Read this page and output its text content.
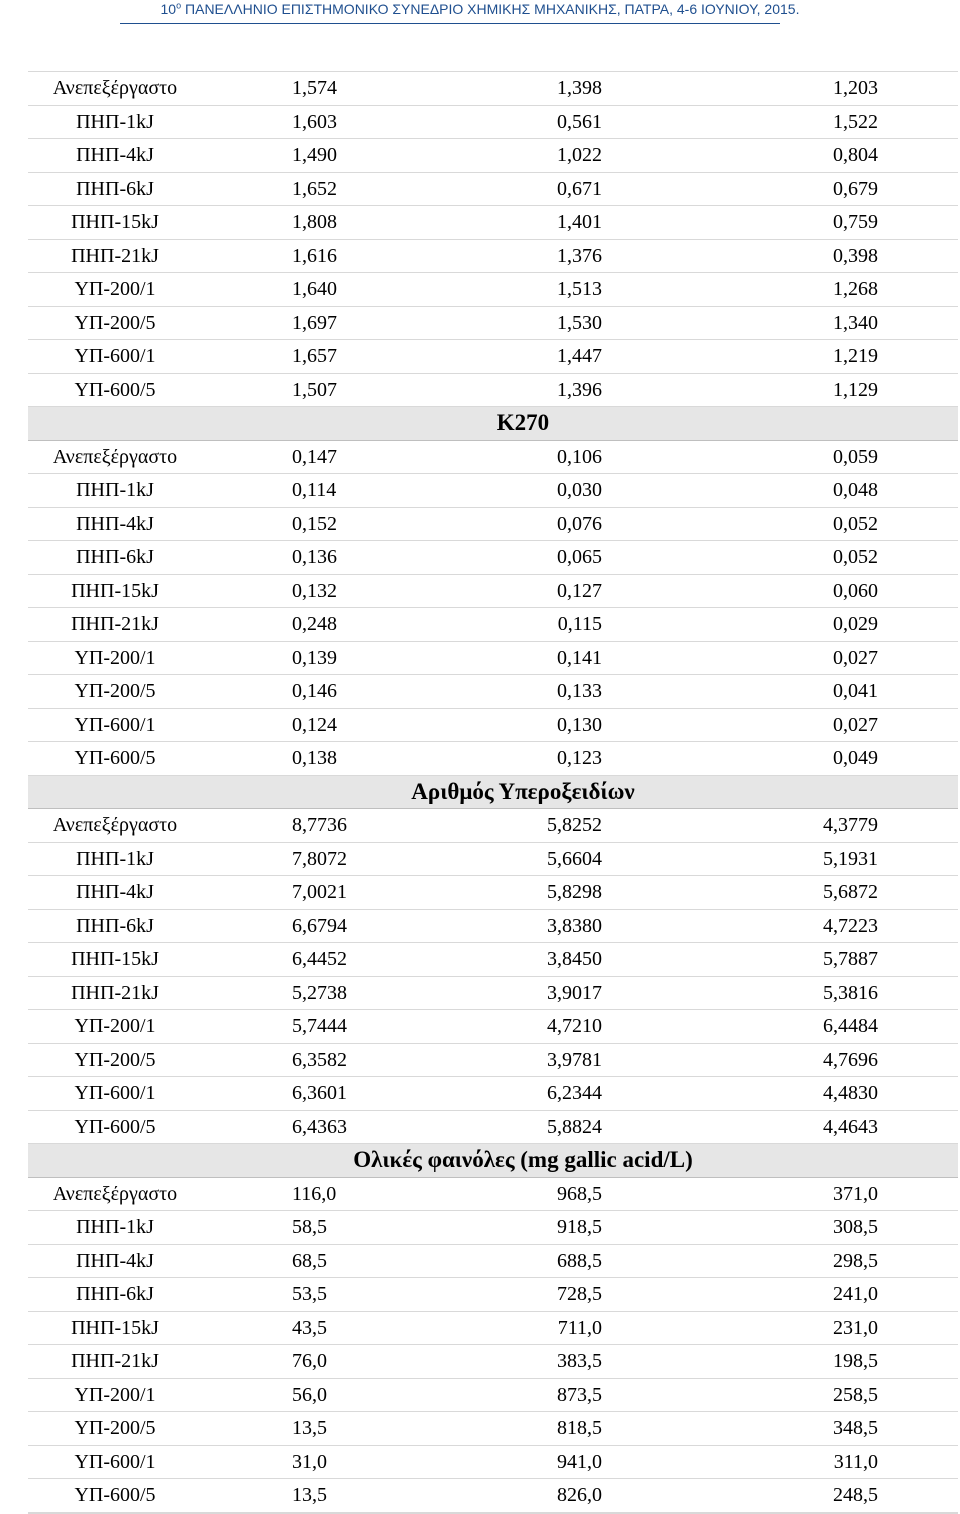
$10^o$ ΠΑΝΕΛΛΗΝΙΟ ΕΠΙΣΤΗΜΟΝΙΚΟ ΣΥΝΕΔΡΙΟ ΧΗΜΙΚΗΣ ΜΗΧΑΝΙΚΗΣ, ΠΑΤΡΑ, 4-6 ΙΟΥΝΙΟΥ, 2015.
Ανεπεξέργαστο	1,574	1,398	1,203
ΠΗΠ-1kJ	1,603	0,561	1,522
ΠΗΠ-4kJ	1,490	1,022	0,804
ΠΗΠ-6kJ	1,652	0,671	0,679
ΠΗΠ-15kJ	1,808	1,401	0,759
ΠΗΠ-21kJ	1,616	1,376	0,398
ΥΠ-200/1	1,640	1,513	1,268
ΥΠ-200/5	1,697	1,530	1,340
ΥΠ-600/1	1,657	1,447	1,219
ΥΠ-600/5	1,507	1,396	1,129
K270			
Ανεπεξέργαστο	0,147	0,106	0,059
ΠΗΠ-1kJ	0,114	0,030	0,048
ΠΗΠ-4kJ	0,152	0,076	0,052
ΠΗΠ-6kJ	0,136	0,065	0,052
ΠΗΠ-15kJ	0,132	0,127	0,060
ΠΗΠ-21kJ	0,248	0,115	0,029
ΥΠ-200/1	0,139	0,141	0,027
ΥΠ-200/5	0,146	0,133	0,041
ΥΠ-600/1	0,124	0,130	0,027
ΥΠ-600/5	0,138	0,123	0,049
Αριθμός Υπεροξειδίων			
Ανεπεξέργαστο	8,7736	5,8252	4,3779
ΠΗΠ-1kJ	7,8072	5,6604	5,1931
ΠΗΠ-4kJ	7,0021	5,8298	5,6872
ΠΗΠ-6kJ	6,6794	3,8380	4,7223
ΠΗΠ-15kJ	6,4452	3,8450	5,7887
ΠΗΠ-21kJ	5,2738	3,9017	5,3816
ΥΠ-200/1	5,7444	4,7210	6,4484
ΥΠ-200/5	6,3582	3,9781	4,7696
ΥΠ-600/1	6,3601	6,2344	4,4830
ΥΠ-600/5	6,4363	5,8824	4,4643
Ολικές φαινόλες (mg gallic acid/L)			
Ανεπεξέργαστο	116,0	968,5	371,0
ΠΗΠ-1kJ	58,5	918,5	308,5
ΠΗΠ-4kJ	68,5	688,5	298,5
ΠΗΠ-6kJ	53,5	728,5	241,0
ΠΗΠ-15kJ	43,5	711,0	231,0
ΠΗΠ-21kJ	76,0	383,5	198,5
ΥΠ-200/1	56,0	873,5	258,5
ΥΠ-200/5	13,5	818,5	348,5
ΥΠ-600/1	31,0	941,0	311,0
ΥΠ-600/5	13,5	826,0	248,5
